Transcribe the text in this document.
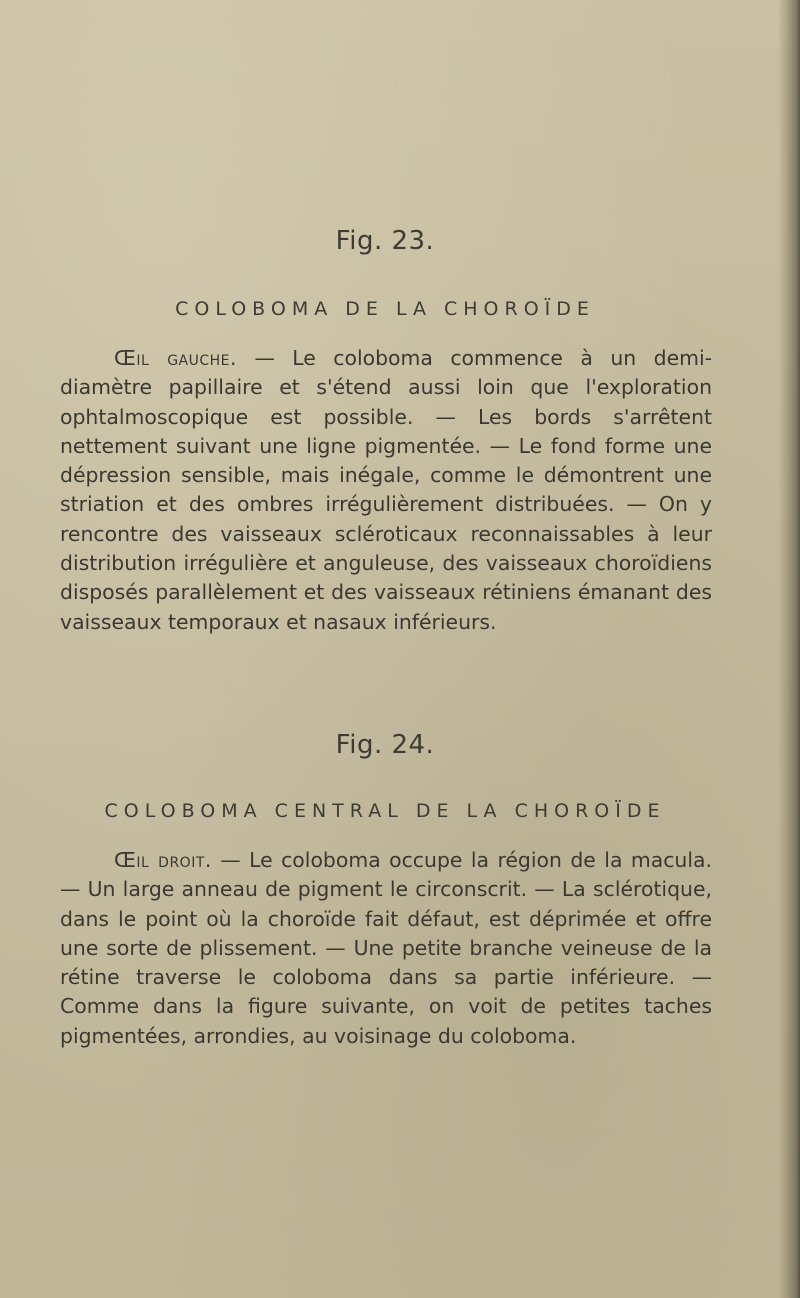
Fig. 23.
COLOBOMA DE LA CHOROÏDE

Œil gauche. — Le coloboma commence à un demi-diamètre papillaire et s'étend aussi loin que l'exploration ophtalmoscopique est possible. — Les bords s'arrêtent nettement suivant une ligne pigmentée. — Le fond forme une dépression sensible, mais inégale, comme le démontrent une striation et des ombres irrégulièrement distribuées. — On y rencontre des vaisseaux scléroticaux reconnaissables à leur distribution irrégulière et anguleuse, des vaisseaux choroïdiens disposés parallèlement et des vaisseaux rétiniens émanant des vaisseaux temporaux et nasaux inférieurs.

Fig. 24.
COLOBOMA CENTRAL DE LA CHOROÏDE

Œil droit. — Le coloboma occupe la région de la macula. — Un large anneau de pigment le circonscrit. — La sclérotique, dans le point où la choroïde fait défaut, est déprimée et offre une sorte de plissement. — Une petite branche veineuse de la rétine traverse le coloboma dans sa partie inférieure. — Comme dans la figure suivante, on voit de petites taches pigmentées, arrondies, au voisinage du coloboma.
